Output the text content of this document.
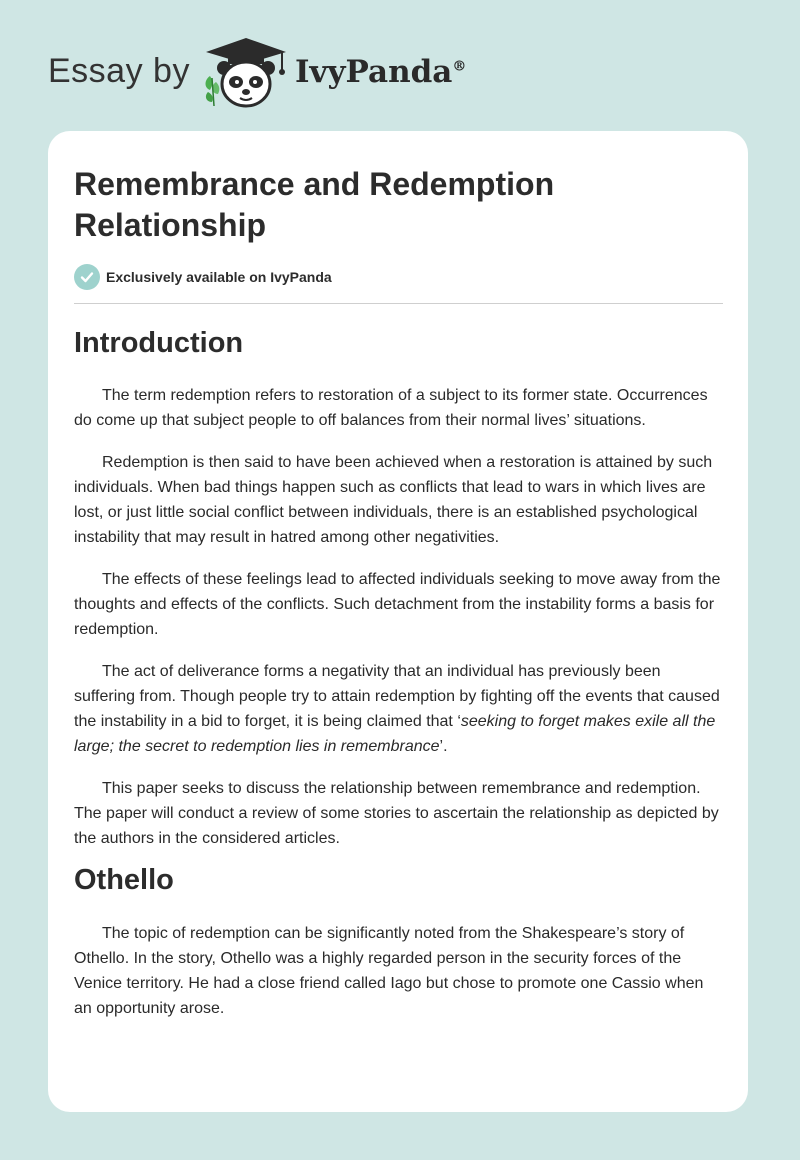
Essay by	IvyPanda®
Remembrance and Redemption Relationship
Exclusively available on IvyPanda
Introduction

The term redemption refers to restoration of a subject to its former state. Occurrences do come up that subject people to off balances from their normal lives’ situations.

Redemption is then said to have been achieved when a restoration is attained by such individuals. When bad things happen such as conflicts that lead to wars in which lives are lost, or just little social conflict between individuals, there is an established psychological instability that may result in hatred among other negativities.

The effects of these feelings lead to affected individuals seeking to move away from the thoughts and effects of the conflicts. Such detachment from the instability forms a basis for redemption.

The act of deliverance forms a negativity that an individual has previously been suffering from. Though people try to attain redemption by fighting off the events that caused the instability in a bid to forget, it is being claimed that ‘seeking to forget makes exile all the large; the secret to redemption lies in remembrance’.

This paper seeks to discuss the relationship between remembrance and redemption. The paper will conduct a review of some stories to ascertain the relationship as depicted by the authors in the considered articles.

Othello

The topic of redemption can be significantly noted from the Shakespeare’s story of Othello. In the story, Othello was a highly regarded person in the security forces of the Venice territory. He had a close friend called Iago but chose to promote one Cassio when an opportunity arose.
